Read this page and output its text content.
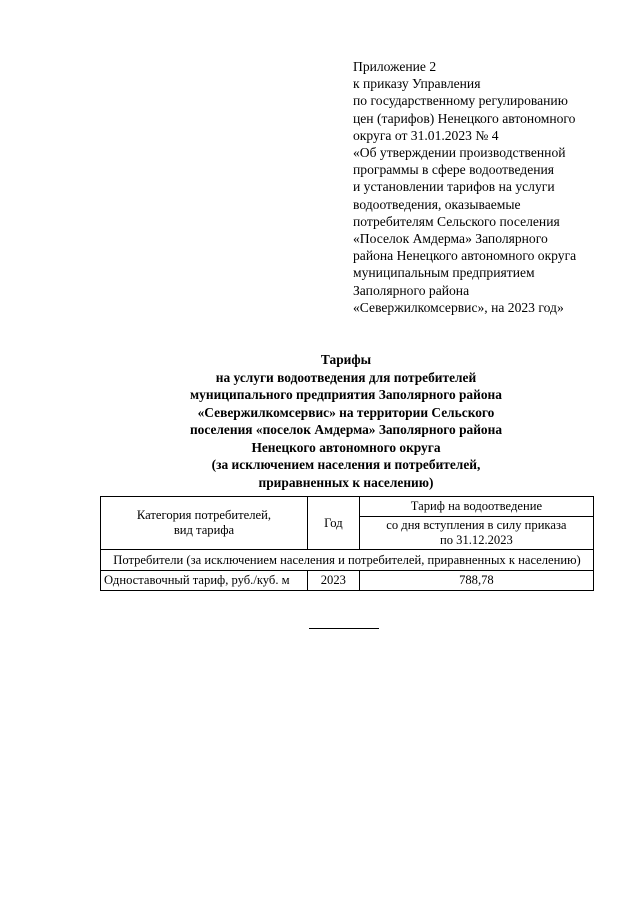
Приложение 2
к приказу Управления
по государственному регулированию
цен (тарифов) Ненецкого автономного
округа от 31.01.2023 № 4
«Об утверждении производственной
программы в сфере водоотведения
и установлении тарифов на услуги
водоотведения, оказываемые
потребителям Сельского поселения
«Поселок Амдерма» Заполярного
района Ненецкого автономного округа
муниципальным предприятием
Заполярного района
«Севержилкомсервис», на 2023 год»
Тарифы
на услуги водоотведения для потребителей
муниципального предприятия Заполярного района
«Севержилкомсервис» на территории Сельского
поселения «поселок Амдерма» Заполярного района
Ненецкого автономного округа
(за исключением населения и потребителей,
приравненных к населению)
Категория потребителей,
вид тарифа	Год	Тариф на водоотведение

		со дня вступления в силу приказа
по 31.12.2023

Потребители (за исключением населения и потребителей, приравненных к населению)		
Одноставочный тариф, руб./куб. м	2023	788,78
